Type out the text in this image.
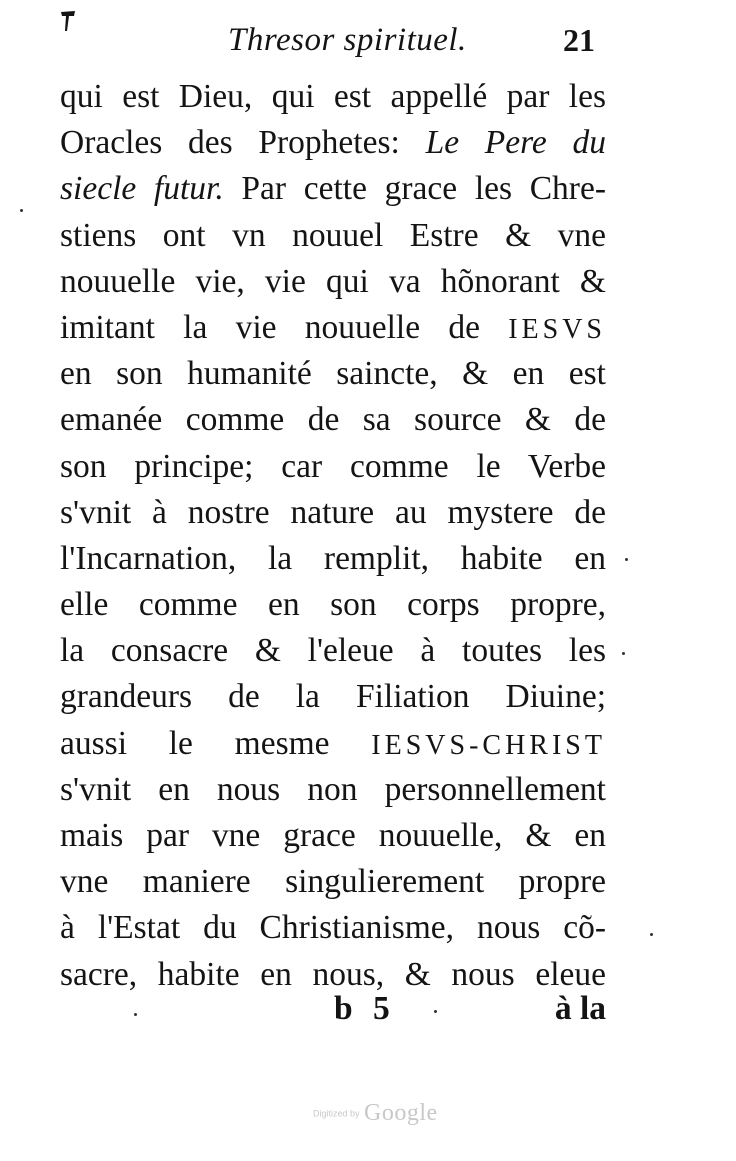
Thresor spirituel.	21
qui est Dieu, qui est appellé par les
Oracles des Prophetes: Le Pere du
siecle futur. Par cette grace les Chre-
stiens ont vn nouuel Estre & vne
nouuelle vie, vie qui va hõnorant &
imitant la vie nouuelle de IESVS
en son humanité saincte, & en est
emanée comme de sa source & de
son principe; car comme le Verbe
s'vnit à nostre nature au mystere de
l'Incarnation, la remplit, habite en
elle comme en son corps propre,
la consacre & l'eleue à toutes les
grandeurs de la Filiation Diuine;
aussi le mesme IESVS-CHRIST
s'vnit en nous non personnellement
mais par vne grace nouuelle, & en
vne maniere singulierement propre
à l'Estat du Christianisme, nous cõ-
sacre, habite en nous, & nous eleue
b 5	à la
Digitized by Google
